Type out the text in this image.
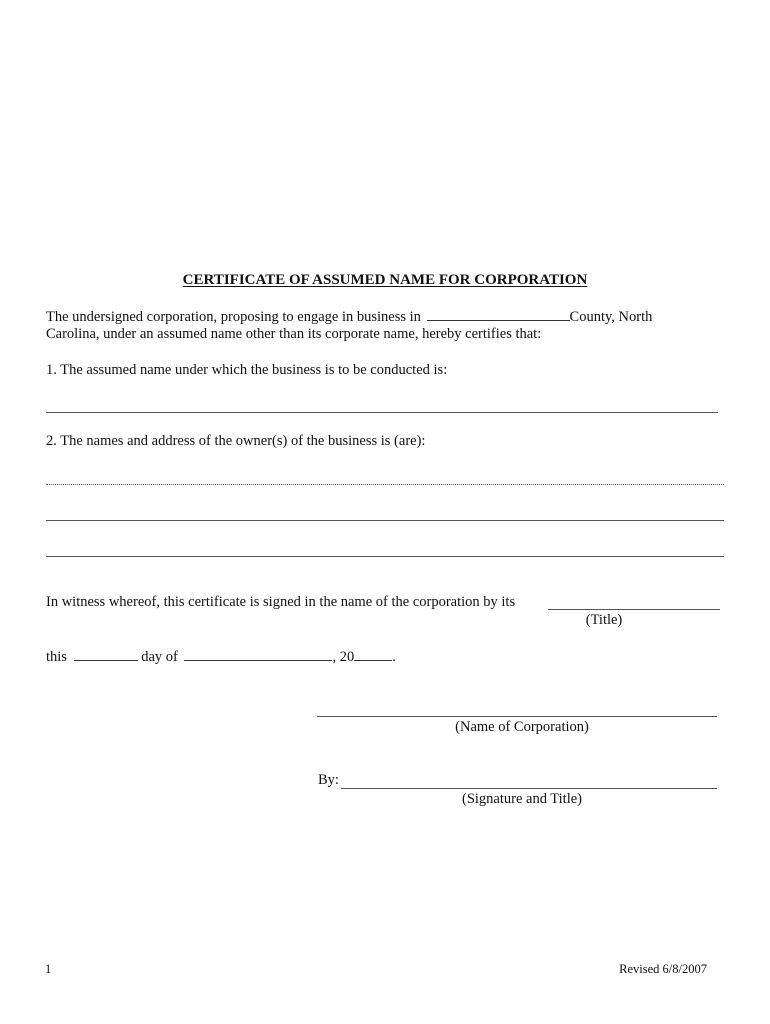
CERTIFICATE OF ASSUMED NAME FOR CORPORATION
The undersigned corporation, proposing to engage in business in	County, North
Carolina, under an assumed name other than its corporate name, hereby certifies that:
1. The assumed name under which the business is to be conducted is:
2. The names and address of the owner(s) of the business is (are):
In witness whereof, this certificate is signed in the name of the corporation by its
(Title)
this	day of	, 20	.
(Name of Corporation)
By:
(Signature and Title)
1	Revised 6/8/2007
